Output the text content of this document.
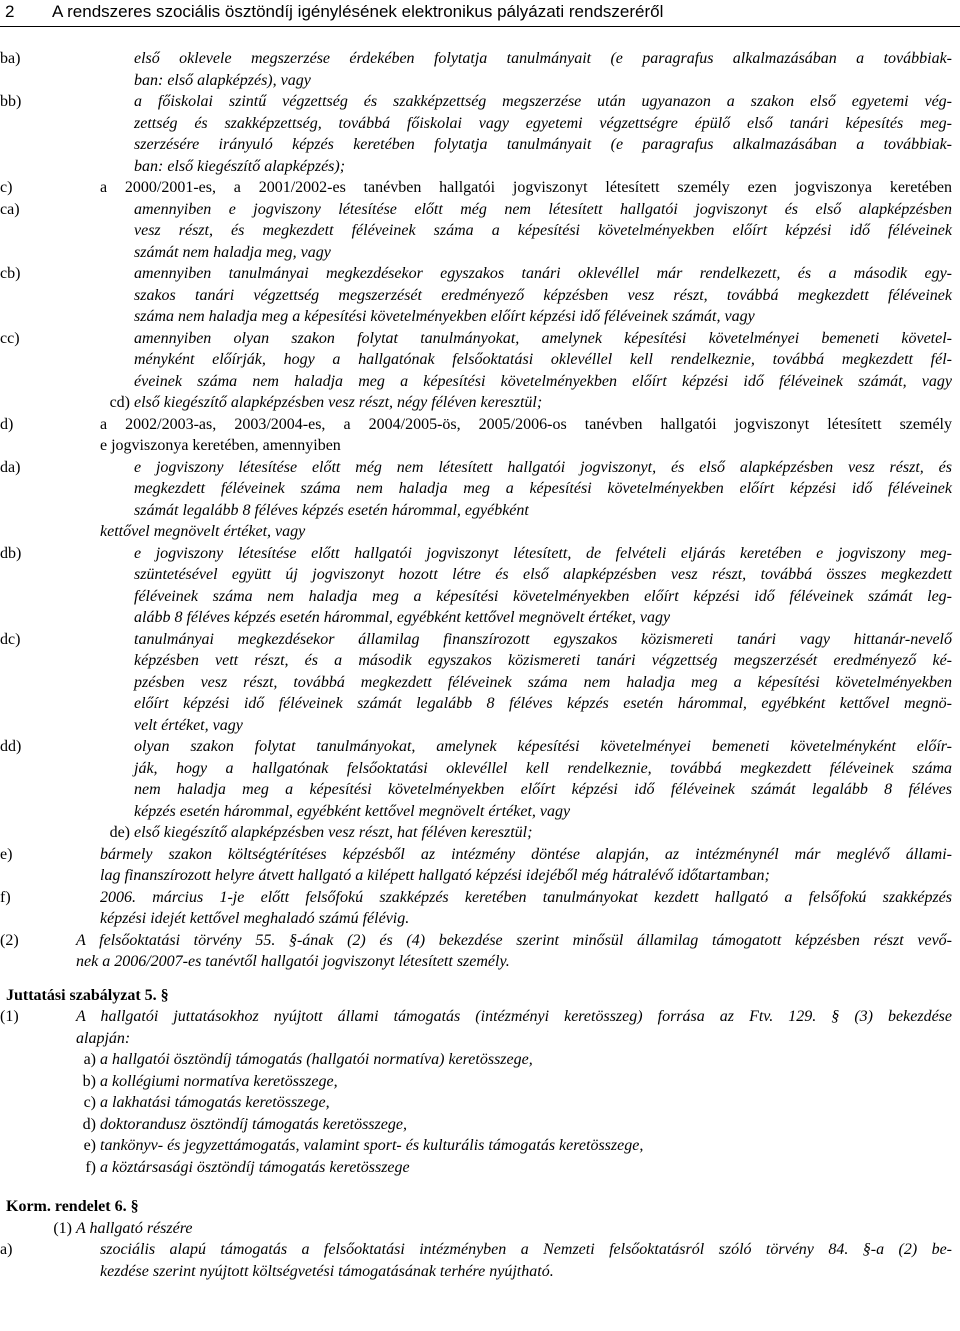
2 A rendszeres szociális ösztöndíj igénylésének elektronikus pályázati rendszeréről
ba)	első oklevele megszerzése érdekében folytatja tanulmányait (e paragrafus alkalmazásában a továbbiak-
ban: első alapképzés), vagy
bb)	a főiskolai szintű végzettség és szakképzettség megszerzése után ugyanazon a szakon első egyetemi vég-
zettség és szakképzettség, továbbá főiskolai vagy egyetemi végzettségre épülő első tanári képesítés meg-
szerzésére irányuló képzés keretében folytatja tanulmányait (e paragrafus alkalmazásában a továbbiak-
ban: első kiegészítő alapképzés);
c)	a 2000/2001-es, a 2001/2002-es tanévben hallgatói jogviszonyt létesített személy ezen jogviszonya keretében
ca)	amennyiben e jogviszony létesítése előtt még nem létesített hallgatói jogviszonyt és első alapképzésben
vesz részt, és megkezdett féléveinek száma a képesítési követelményekben előírt képzési idő féléveinek
számát nem haladja meg, vagy
cb)	amennyiben tanulmányai megkezdésekor egyszakos tanári oklevéllel már rendelkezett, és a második egy-
szakos tanári végzettség megszerzését eredményező képzésben vesz részt, továbbá megkezdett féléveinek
száma nem haladja meg a képesítési követelményekben előírt képzési idő féléveinek számát, vagy
cc)	amennyiben olyan szakon folytat tanulmányokat, amelynek képesítési követelményei bemeneti követel-
ményként előírják, hogy a hallgatónak felsőoktatási oklevéllel kell rendelkeznie, továbbá megkezdett fél-
éveinek száma nem haladja meg a képesítési követelményekben előírt képzési idő féléveinek számát, vagy
cd) első kiegészítő alapképzésben vesz részt, négy féléven keresztül;
d)	a 2002/2003-as, 2003/2004-es, a 2004/2005-ös, 2005/2006-os tanévben hallgatói jogviszonyt létesített személy
e jogviszonya keretében, amennyiben
da)	e jogviszony létesítése előtt még nem létesített hallgatói jogviszonyt, és első alapképzésben vesz részt, és
megkezdett féléveinek száma nem haladja meg a képesítési követelményekben előírt képzési idő féléveinek
számát legalább 8 féléves képzés esetén hárommal, egyébként
kettővel megnövelt értéket, vagy
db)	e jogviszony létesítése előtt hallgatói jogviszonyt létesített, de felvételi eljárás keretében e jogviszony meg-
szüntetésével együtt új jogviszonyt hozott létre és első alapképzésben vesz részt, továbbá összes megkezdett
féléveinek száma nem haladja meg a képesítési követelményekben előírt képzési idő féléveinek számát leg-
alább 8 féléves képzés esetén hárommal, egyébként kettővel megnövelt értéket, vagy
dc)	tanulmányai megkezdésekor államilag finanszírozott egyszakos közismereti tanári vagy hittanár-nevelő
képzésben vett részt, és a második egyszakos közismereti tanári végzettség megszerzését eredményező ké-
pzésben vesz részt, továbbá megkezdett féléveinek száma nem haladja meg a képesítési követelményekben
előírt képzési idő féléveinek számát legalább 8 féléves képzés esetén hárommal, egyébként kettővel megnö-
velt értéket, vagy
dd)	olyan szakon folytat tanulmányokat, amelynek képesítési követelményei bemeneti követelményként előír-
ják, hogy a hallgatónak felsőoktatási oklevéllel kell rendelkeznie, továbbá megkezdett féléveinek száma
nem haladja meg a képesítési követelményekben előírt képzési idő féléveinek számát legalább 8 féléves
képzés esetén hárommal, egyébként kettővel megnövelt értéket, vagy
de) első kiegészítő alapképzésben vesz részt, hat féléven keresztül;
e)	bármely szakon költségtérítéses képzésből az intézmény döntése alapján, az intézménynél már meglévő állami-
lag finanszírozott helyre átvett hallgató a kilépett hallgató képzési idejéből még hátralévő időtartamban;
f)	2006. március 1-je előtt felsőfokú szakképzés keretében tanulmányokat kezdett hallgató a felsőfokú szakképzés
képzési idejét kettővel meghaladó számú félévig.
(2)	A felsőoktatási törvény 55. §-ának (2) és (4) bekezdése szerint minősül államilag támogatott képzésben részt vevő-
nek a 2006/2007-es tanévtől hallgatói jogviszonyt létesített személy.
Juttatási szabályzat 5. §
(1)	A hallgatói juttatásokhoz nyújtott állami támogatás (intézményi keretösszeg) forrása az Ftv. 129. § (3) bekezdése
alapján:
a) a hallgatói ösztöndíj támogatás (hallgatói normatíva) keretösszege,
b) a kollégiumi normatíva keretösszege,
c) a lakhatási támogatás keretösszege,
d) doktorandusz ösztöndíj támogatás keretösszege,
e) tankönyv- és jegyzettámogatás, valamint sport- és kulturális támogatás keretösszege,
f) a köztársasági ösztöndíj támogatás keretösszege
Korm. rendelet 6. §
(1) A hallgató részére
a)	szociális alapú támogatás a felsőoktatási intézményben a Nemzeti felsőoktatásról szóló törvény 84. §-a (2) be-
kezdése szerint nyújtott költségvetési támogatásának terhére nyújtható.
